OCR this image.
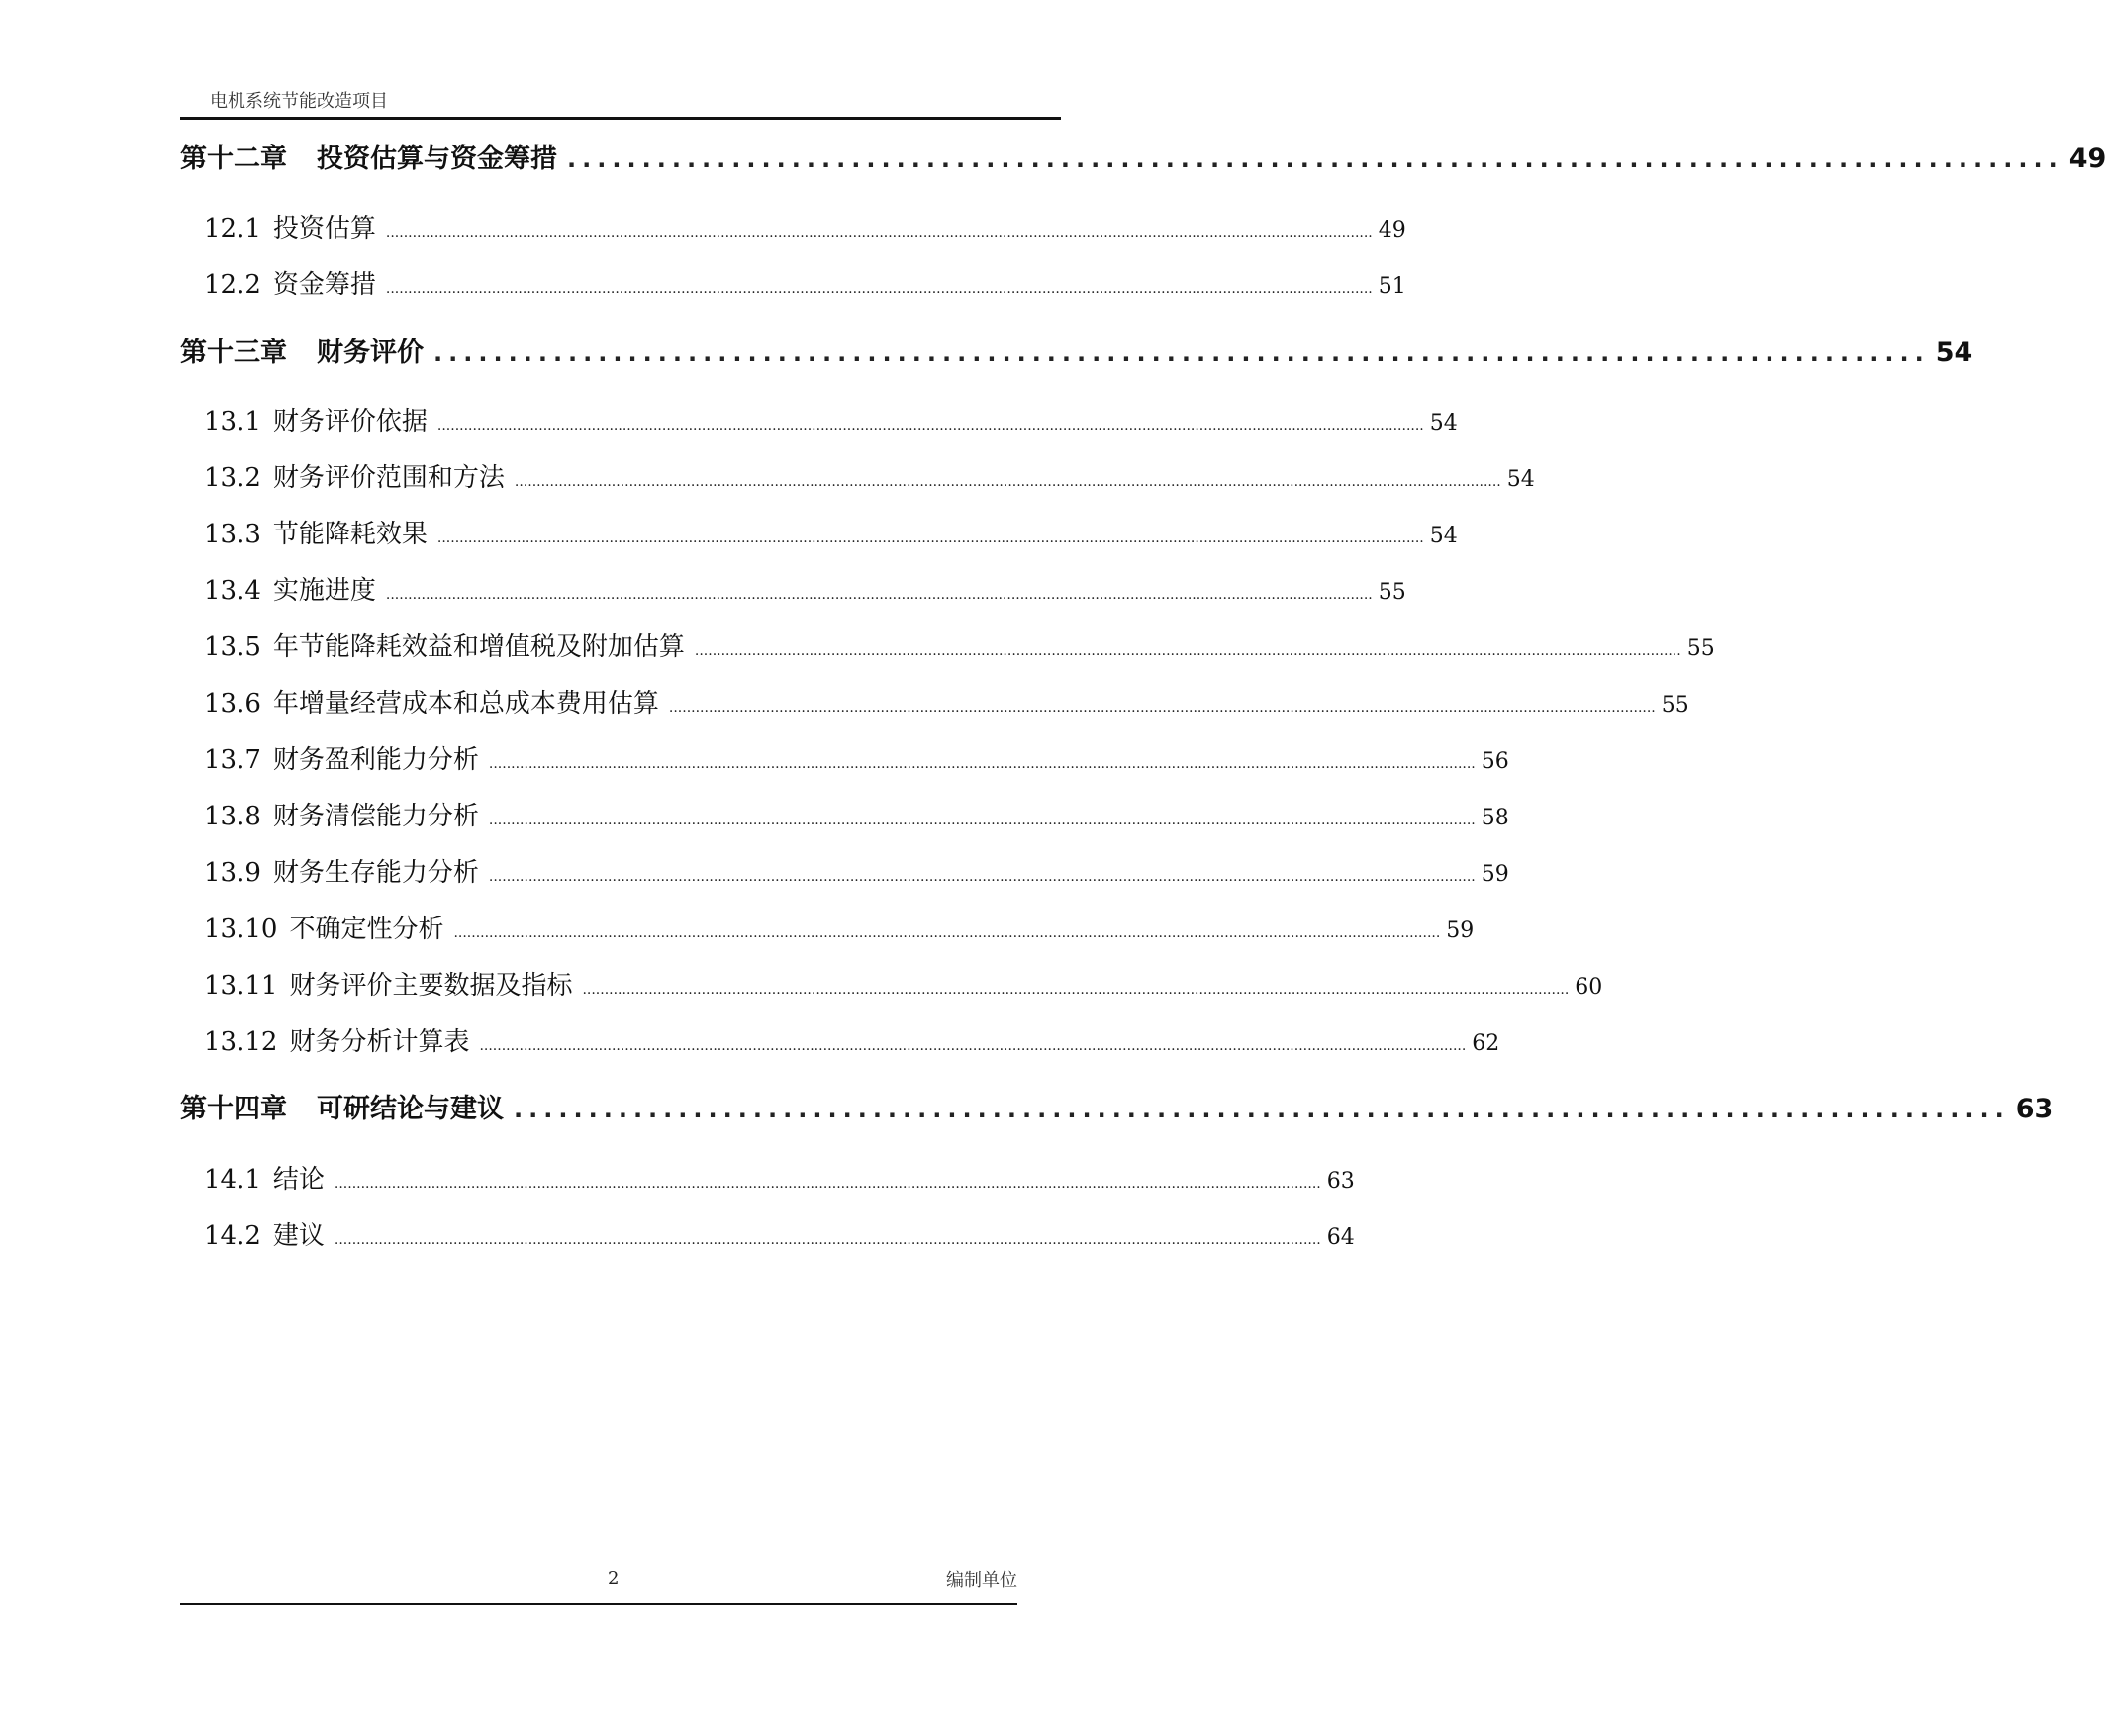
电机系统节能改造项目
第十二章 投资估算与资金筹措 .................................................................................................... 49
12.1 投资估算 ................................................................................................................................................................................................................................ 49
12.2 资金筹措 ................................................................................................................................................................................................................................ 51
第十三章 财务评价 .................................................................................................... 54
13.1 财务评价依据 ................................................................................................................................................................................................................................ 54
13.2 财务评价范围和方法 ................................................................................................................................................................................................................................ 54
13.3 节能降耗效果 ................................................................................................................................................................................................................................ 54
13.4 实施进度 ................................................................................................................................................................................................................................ 55
13.5 年节能降耗效益和增值税及附加估算 ................................................................................................................................................................................................................................ 55
13.6 年增量经营成本和总成本费用估算 ................................................................................................................................................................................................................................ 55
13.7 财务盈利能力分析 ................................................................................................................................................................................................................................ 56
13.8 财务清偿能力分析 ................................................................................................................................................................................................................................ 58
13.9 财务生存能力分析 ................................................................................................................................................................................................................................ 59
13.10 不确定性分析 ................................................................................................................................................................................................................................ 59
13.11 财务评价主要数据及指标 ................................................................................................................................................................................................................................ 60
13.12 财务分析计算表 ................................................................................................................................................................................................................................ 62
第十四章 可研结论与建议 .................................................................................................... 63
14.1 结论 ................................................................................................................................................................................................................................ 63
14.2 建议 ................................................................................................................................................................................................................................ 64
2	编制单位
